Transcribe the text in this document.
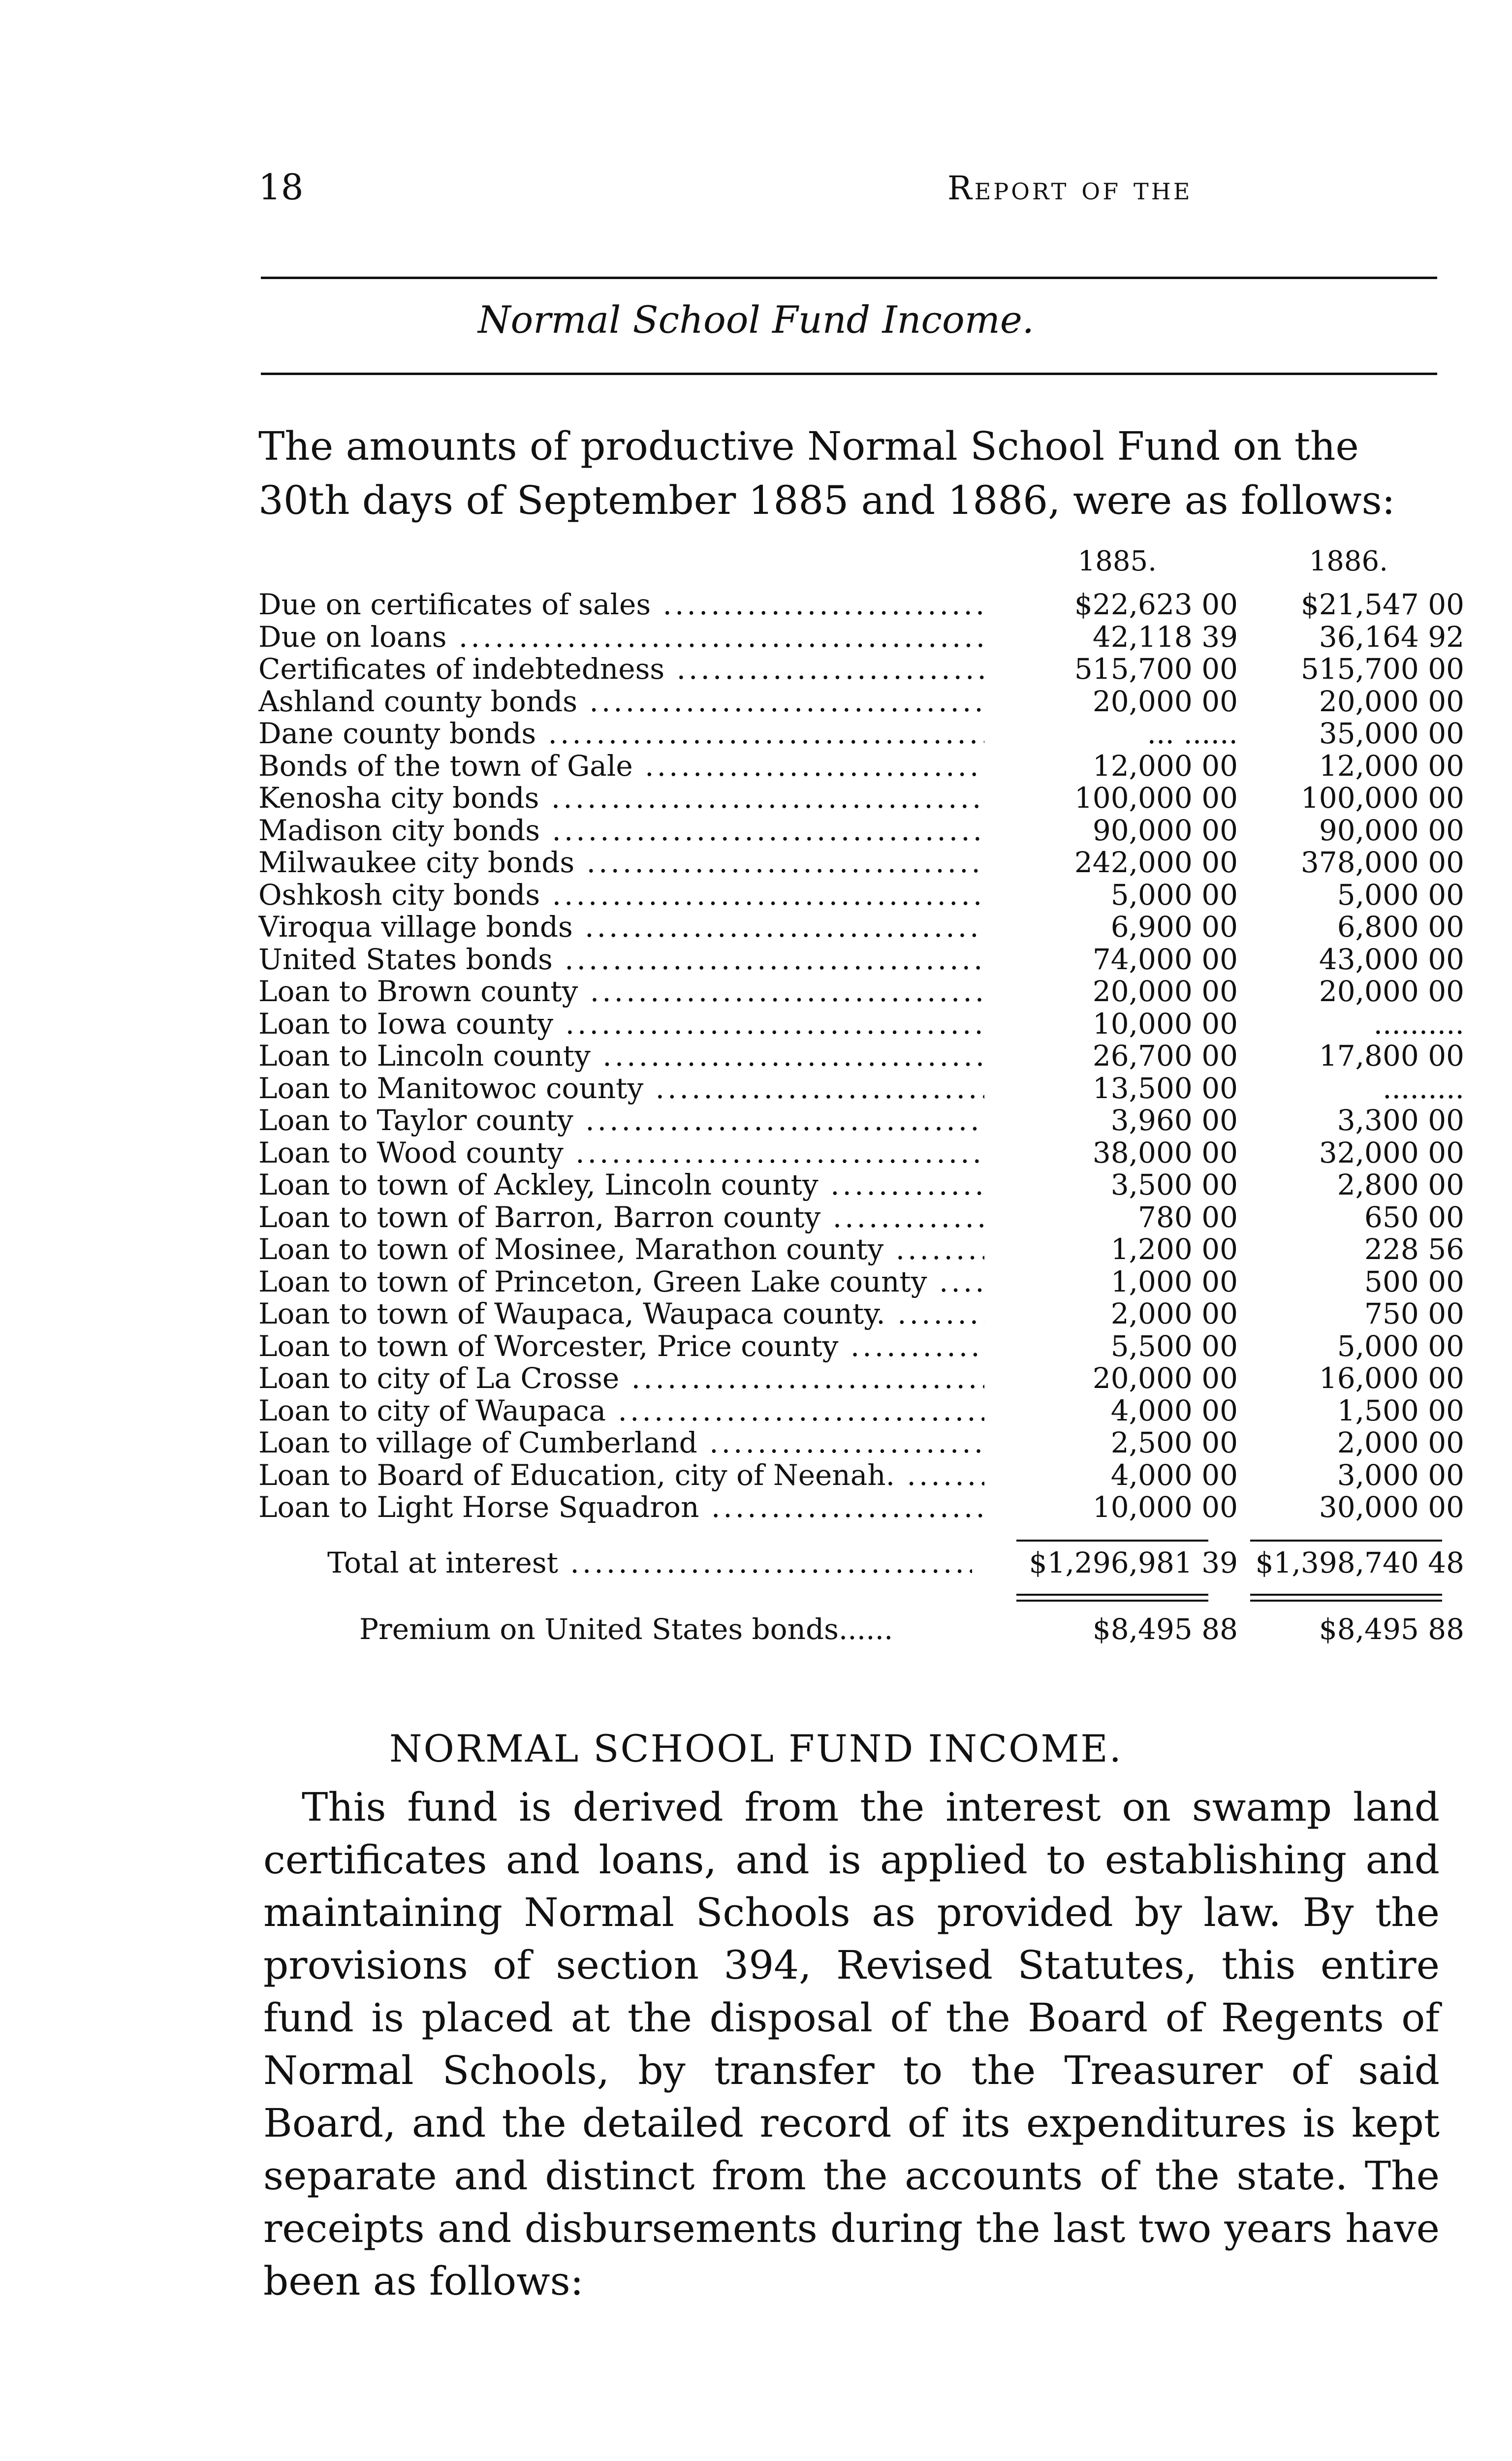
18	Report of the
Normal School Fund Income.
The amounts of productive Normal School Fund on the
30th days of September 1885 and 1886, were as follows:
1885.	1886.
Due on certificates of sales .....	$22,623 00	$21,547 00
Due on loans .....	42,118 39	36,164 92
Certificates of indebtedness .....	515,700 00	515,700 00
Ashland county bonds .....	20,000 00	20,000 00
Dane county bonds .....	... ......	35,000 00
Bonds of the town of Gale .....	12,000 00	12,000 00
Kenosha city bonds .....	100,000 00	100,000 00
Madison city bonds .....	90,000 00	90,000 00
Milwaukee city bonds .....	242,000 00	378,000 00
Oshkosh city bonds .....	5,000 00	5,000 00
Viroqua village bonds .....	6,900 00	6,800 00
United States bonds .....	74,000 00	43,000 00
Loan to Brown county .....	20,000 00	20,000 00
Loan to Iowa county .....	10,000 00	..........
Loan to Lincoln county .....	26,700 00	17,800 00
Loan to Manitowoc county .....	13,500 00	.........
Loan to Taylor county .....	3,960 00	3,300 00
Loan to Wood county .....	38,000 00	32,000 00
Loan to town of Ackley, Lincoln county .....	3,500 00	2,800 00
Loan to town of Barron, Barron county .....	780 00	650 00
Loan to town of Mosinee, Marathon county .....	1,200 00	228 56
Loan to town of Princeton, Green Lake county .....	1,000 00	500 00
Loan to town of Waupaca, Waupaca county. .....	2,000 00	750 00
Loan to town of Worcester, Price county .....	5,500 00	5,000 00
Loan to city of La Crosse .....	20,000 00	16,000 00
Loan to city of Waupaca .....	4,000 00	1,500 00
Loan to village of Cumberland .....	2,500 00	2,000 00
Loan to Board of Education, city of Neenah. .....	4,000 00	3,000 00
Loan to Light Horse Squadron .....	10,000 00	30,000 00
Total at interest .....	$1,296,981 39 $1,398,740 48
Premium on United States bonds......	$8,495 88	$8,495 88
NORMAL SCHOOL FUND INCOME.
This fund is derived from the interest on swamp land certificates and loans, and is applied to establishing and maintaining Normal Schools as provided by law. By the provisions of section 394, Revised Statutes, this entire fund is placed at the disposal of the Board of Regents of Normal Schools, by transfer to the Treasurer of said Board, and the detailed record of its expenditures is kept separate and distinct from the accounts of the state. The receipts and disbursements during the last two years have been as follows:
